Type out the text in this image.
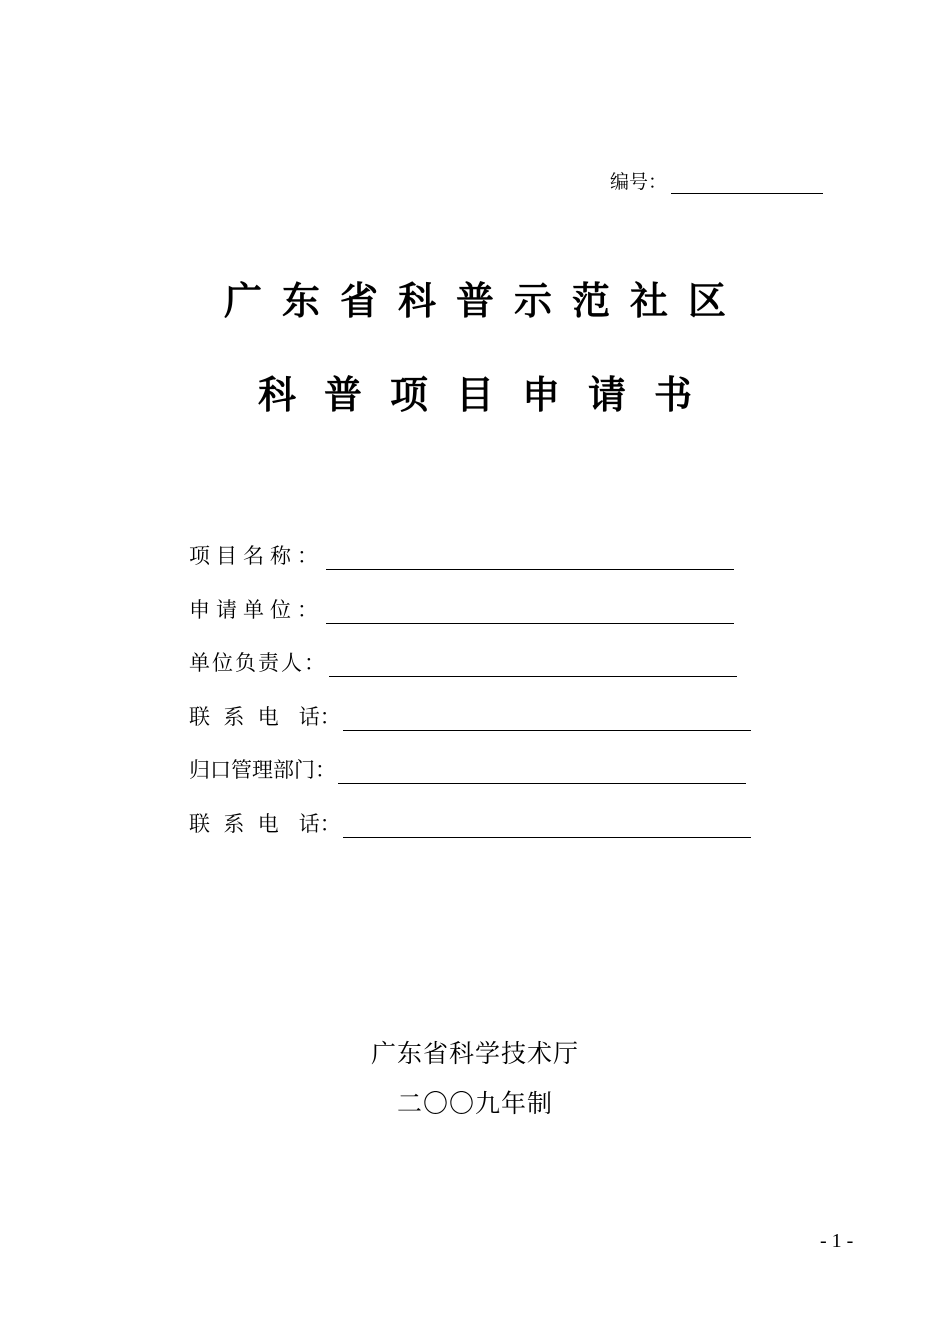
编号：
广东省科普示范社区
科普项目申请书
项目名称：
申请单位：
单位负责人：
联  系  电   话：
归口管理部门：
联  系  电   话：
广东省科学技术厅
二〇〇九年制
- 1 -
